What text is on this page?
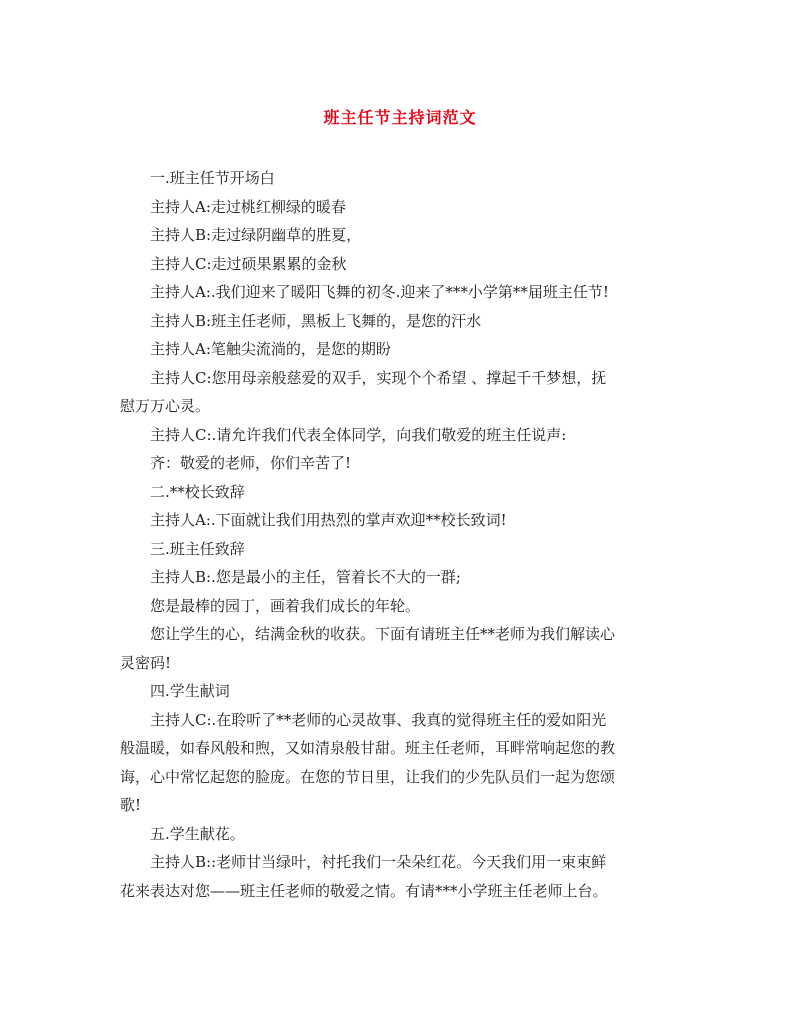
班主任节主持词范文

一.班主任节开场白

主持人A:走过桃红柳绿的暖春

主持人B:走过绿阴幽草的胜夏，

主持人C:走过硕果累累的金秋

主持人A:.我们迎来了暖阳飞舞的初冬.迎来了***小学第**届班主任节!

主持人B:班主任老师，黑板上飞舞的，是您的汗水

主持人A:笔触尖流淌的，是您的期盼

主持人C:您用母亲般慈爱的双手，实现个个希望 、撑起千千梦想，抚慰万万心灵。

主持人C:.请允许我们代表全体同学，向我们敬爱的班主任说声:

齐：敬爱的老师，你们辛苦了!

二.**校长致辞

主持人A:.下面就让我们用热烈的掌声欢迎**校长致词!

三.班主任致辞

主持人B:.您是最小的主任，管着长不大的一群;

您是最棒的园丁，画着我们成长的年轮。

您让学生的心，结满金秋的收获。下面有请班主任**老师为我们解读心灵密码!

四.学生献词

主持人C:.在聆听了**老师的心灵故事、我真的觉得班主任的爱如阳光般温暖，如春风般和煦，又如清泉般甘甜。班主任老师，耳畔常响起您的教诲，心中常忆起您的脸庞。在您的节日里，让我们的少先队员们一起为您颂歌!

五.学生献花。

主持人B::老师甘当绿叶，衬托我们一朵朵红花。今天我们用一束束鲜花来表达对您——班主任老师的敬爱之情。有请***小学班主任老师上台。
